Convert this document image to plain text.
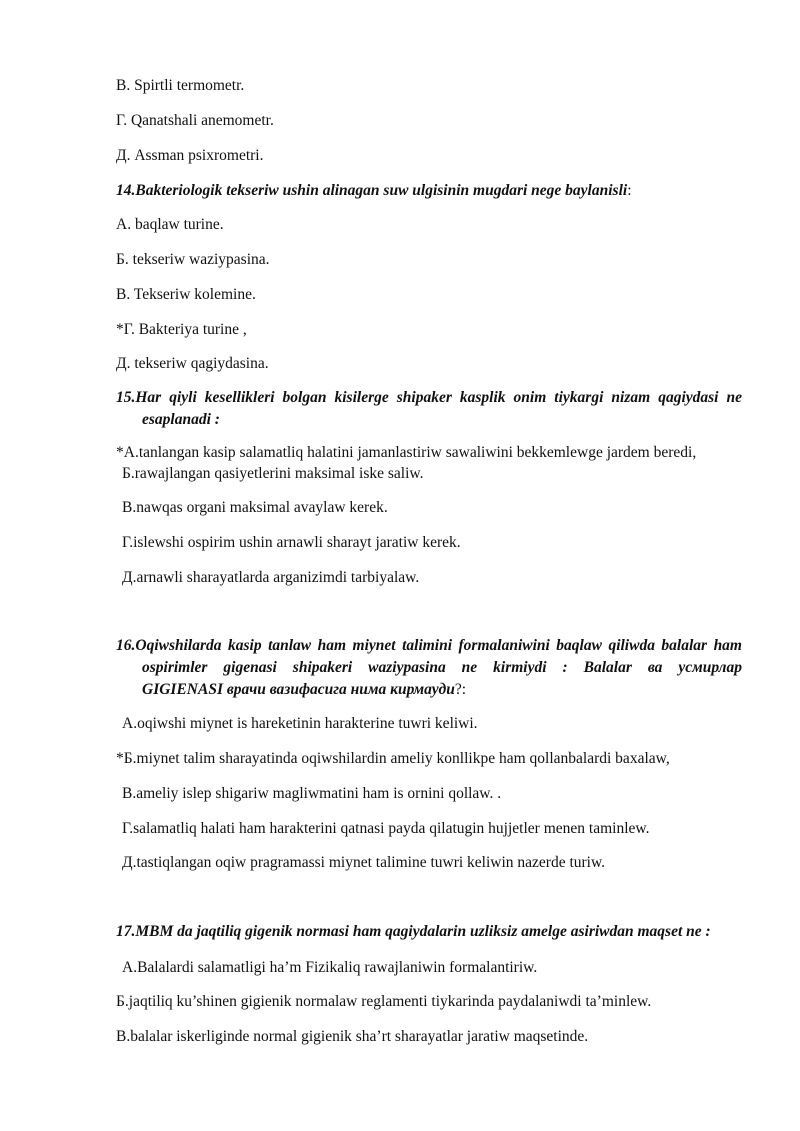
B. Spirtli termometr.
Г. Qanatshali anemometr.
Д. Assman psixrometri.
14.Bakteriologik tekseriw ushin alinagan suw ulgisinin mugdari nege baylanisli:
A. baqlaw turine.
Б. tekseriw waziypasina.
B. Tekseriw kolemine.
*Г. Bakteriya turine ,
Д. tekseriw qagiydasina.
15.Har qiyli kesellikleri bolgan kisilerge shipaker kasplik onim tiykargi nizam qagiydasi ne
esaplanadi :
*A.tanlangan kasip salamatliq halatini jamanlastiriw sawaliwini bekkemlewge jardem beredi,
Б.rawajlangan qasiyetlerini maksimal iske saliw.
B.nawqas organi maksimal avaylaw kerek.
Г.islewshi ospirim ushin arnawli sharayt jaratiw kerek.
Д.arnawli sharayatlarda arganizimdi tarbiyalaw.
16.Oqiwshilarda kasip tanlaw ham miynet talimini formalaniwini baqlaw qiliwda balalar ham
ospirimler gigenasi shipakeri waziypasina ne kirmiydi : Balalar ва усмирлар
GIGIENASI врачи вазифасига нима кирмауди?:
A.oqiwshi miynet is hareketinin harakterine tuwri keliwi.
*Б.miynet talim sharayatinda oqiwshilardin ameliy konllikpe ham qollanbalardi baxalaw,
B.ameliy islep shigariw magliwmatini ham is ornini qollaw. .
Г.salamatliq halati ham harakterini qatnasi payda qilatugin hujjetler menen taminlew.
Д.tastiqlangan oqiw pragramassi miynet talimine tuwri keliwin nazerde turiw.
17.MBM da jaqtiliq gigenik normasi ham qagiydalarin uzliksiz amelge asiriwdan maqset ne :
A.Balalardi salamatligi ha’m Fizikaliq rawajlaniwin formalantiriw.
Б.jaqtiliq ku’shinen gigienik normalaw reglamenti tiykarinda paydalaniwdi ta’minlew.
B.balalar iskerliginde normal gigienik sha’rt sharayatlar jaratiw maqsetinde.
